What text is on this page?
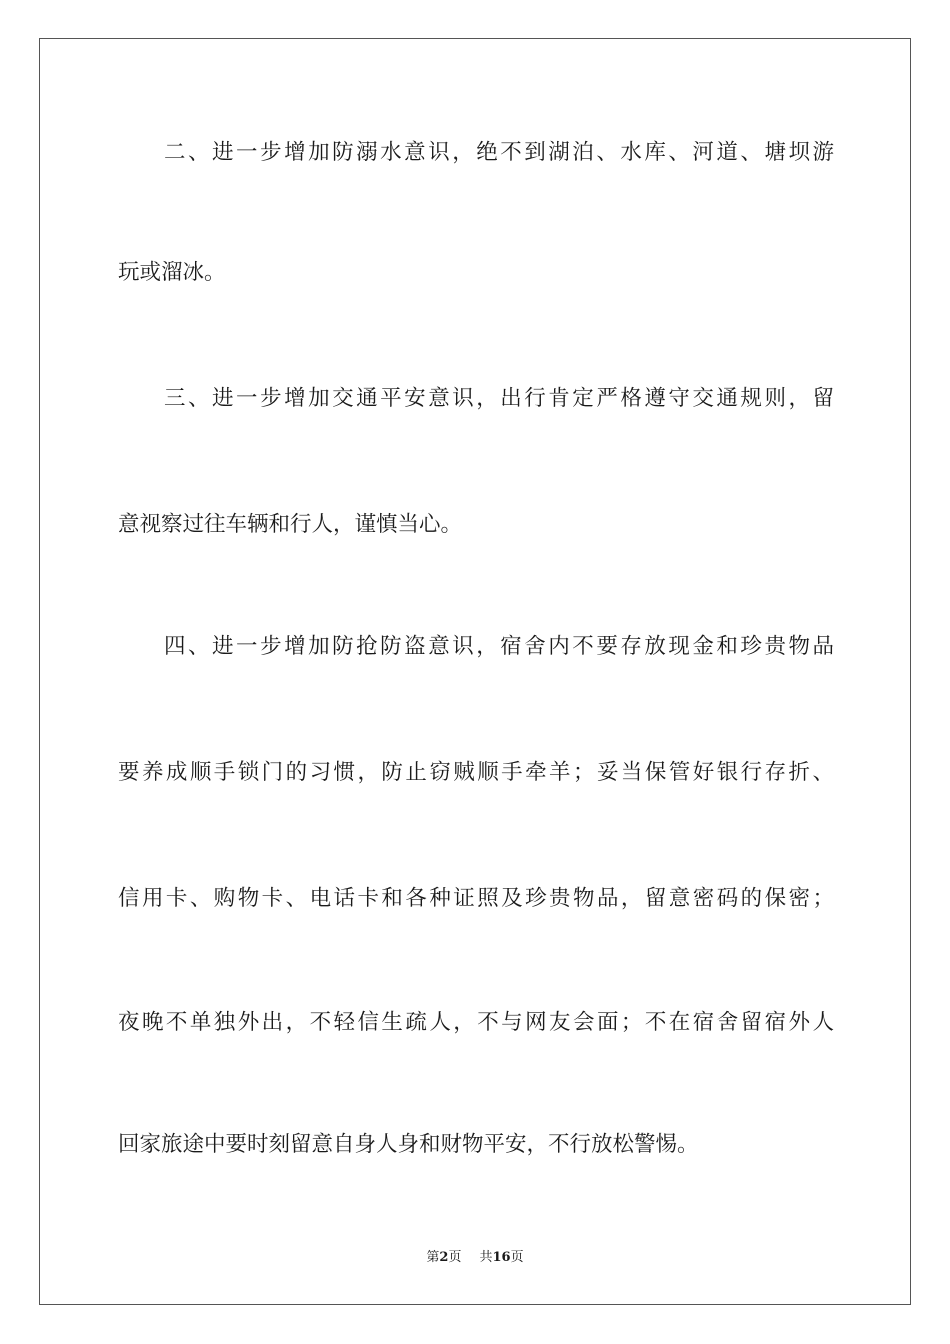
二、进一步增加防溺水意识，绝不到湖泊、水库、河道、塘坝游
玩或溜冰。
三、进一步增加交通平安意识，出行肯定严格遵守交通规则，留
意视察过往车辆和行人，谨慎当心。
四、进一步增加防抢防盗意识，宿舍内不要存放现金和珍贵物品
要养成顺手锁门的习惯，防止窃贼顺手牵羊；妥当保管好银行存折、
信用卡、购物卡、电话卡和各种证照及珍贵物品，留意密码的保密；
夜晚不单独外出，不轻信生疏人，不与网友会面；不在宿舍留宿外人
回家旅途中要时刻留意自身人身和财物平安，不行放松警惕。
第2页 共16页
